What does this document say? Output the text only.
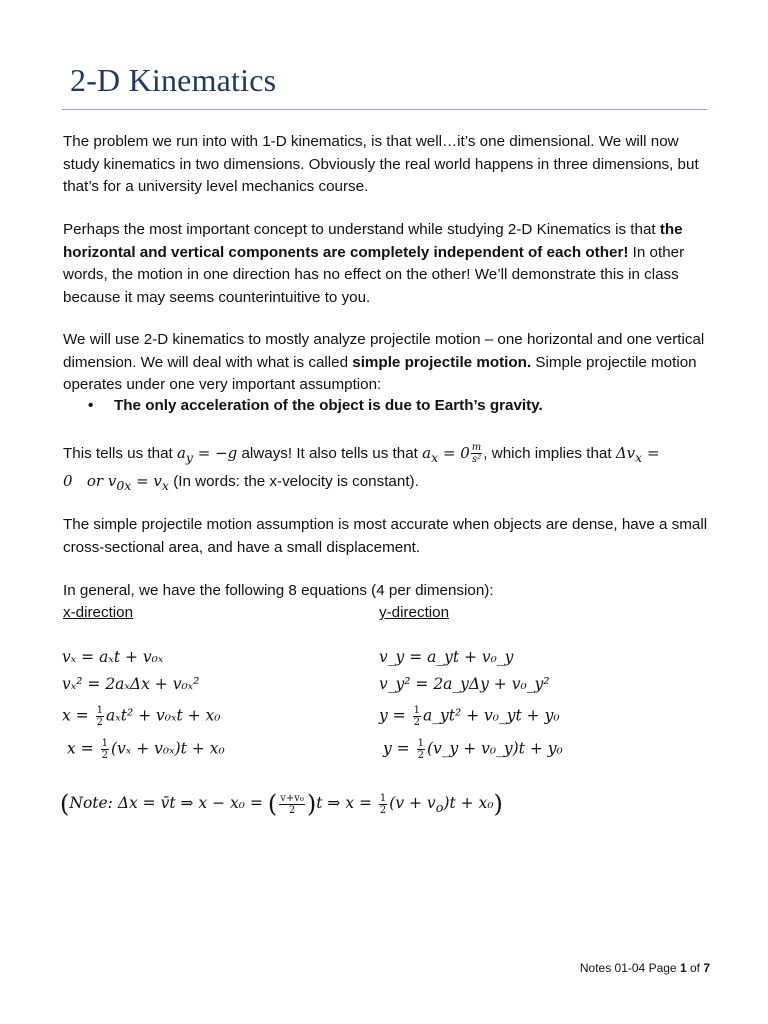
2-D Kinematics
The problem we run into with 1-D kinematics, is that well…it’s one dimensional. We will now study kinematics in two dimensions. Obviously the real world happens in three dimensions, but that’s for a university level mechanics course.
Perhaps the most important concept to understand while studying 2-D Kinematics is that the horizontal and vertical components are completely independent of each other! In other words, the motion in one direction has no effect on the other! We’ll demonstrate this in class because it may seems counterintuitive to you.
We will use 2-D kinematics to mostly analyze projectile motion – one horizontal and one vertical dimension. We will deal with what is called simple projectile motion. Simple projectile motion operates under one very important assumption:
• The only acceleration of the object is due to Earth’s gravity.
This tells us that $a_y = -g$ always! It also tells us that $a_x = 0 \frac{m}{\text{s²}}$ , which implies that $\Delta v_x$ =
0   or $v_{0x} = v_x$ (In words: the x-velocity is constant).
The simple projectile motion assumption is most accurate when objects are dense, have a small cross-sectional area, and have a small displacement.
In general, we have the following 8 equations (4 per dimension):
x-direction	y-direction
vₓ = aₓt + v₀ₓ
vₓ² = 2aₓΔx + v₀ₓ²
$x = \frac{1}{2} a_xt^2 + v_{0x}t + x_0$
$x = \frac{1}{2} (v_x + v_{0x})t + x_0$
v_y = a_yt + v₀_y
v_y² = 2a_yΔy + v₀_y²
$y = \frac{1}{2}$ a_yt² + v₀_yt + y₀
$y = \frac{1}{2}$ (v_y + v₀_y)t + y₀
(Note: Δx = v̄t ⇒ x − x₀ = ( $\frac{\text{v+v₀}}{2} )t$ ⇒ $x = \frac{1}{2} (v + v_o)t + x_0$)
Notes 01-04 Page 1 of 7
